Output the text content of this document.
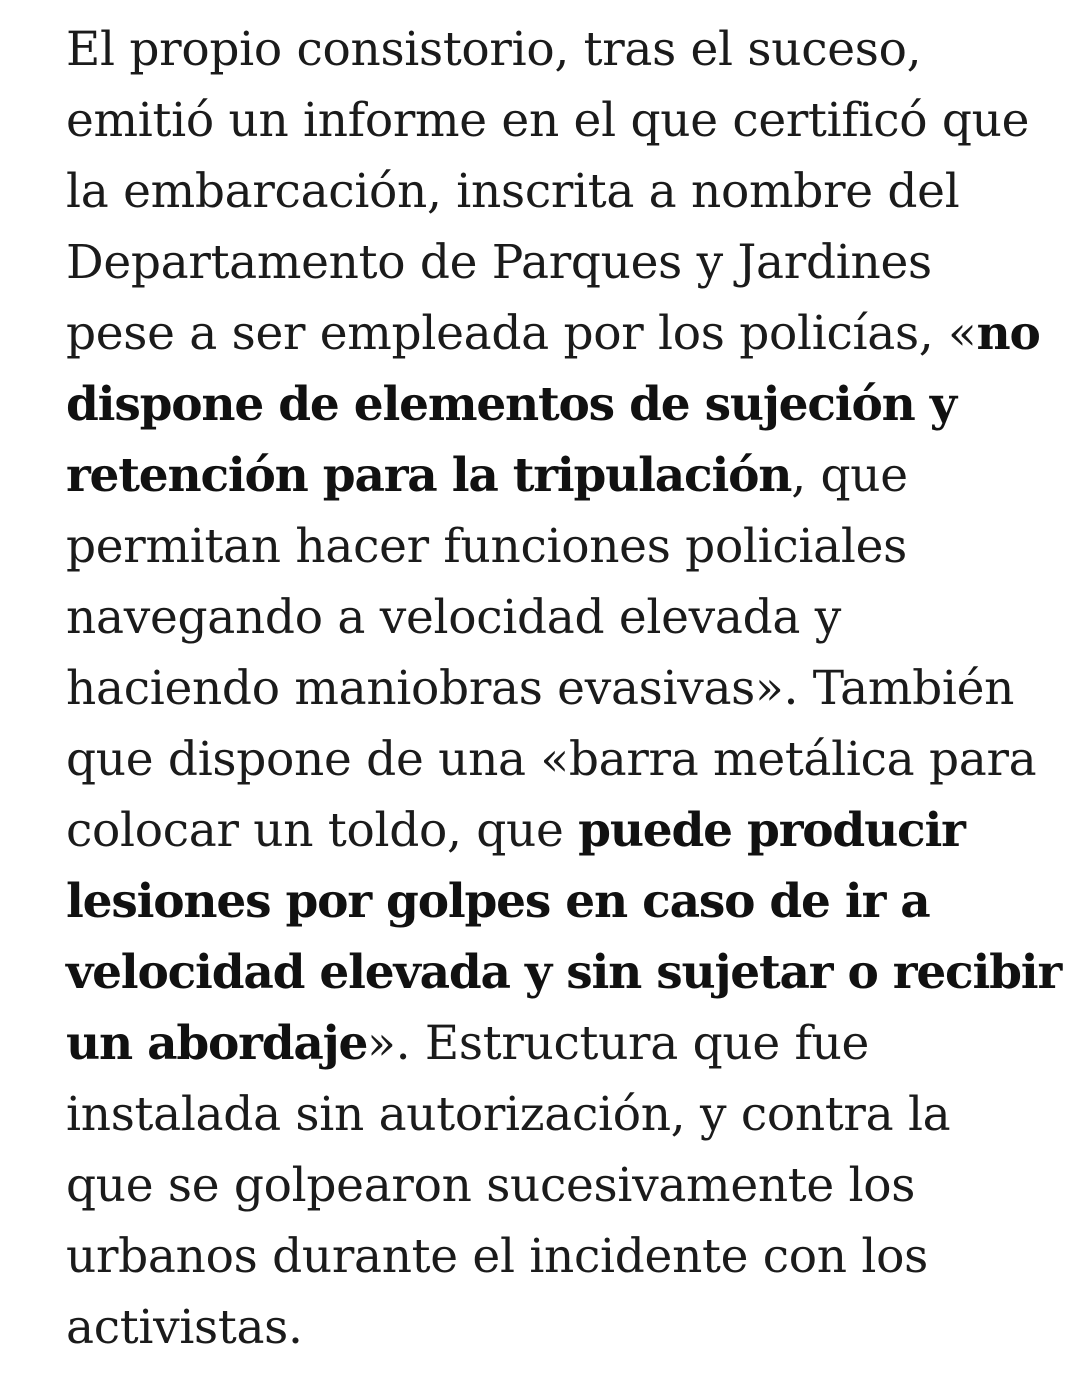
El propio consistorio, tras el suceso,
emitió un informe en el que certificó que
la embarcación, inscrita a nombre del
Departamento de Parques y Jardines
pese a ser empleada por los policías, «no
dispone de elementos de sujeción y
retención para la tripulación, que
permitan hacer funciones policiales
navegando a velocidad elevada y
haciendo maniobras evasivas». También
que dispone de una «barra metálica para
colocar un toldo, que puede producir
lesiones por golpes en caso de ir a
velocidad elevada y sin sujetar o recibir
un abordaje». Estructura que fue
instalada sin autorización, y contra la
que se golpearon sucesivamente los
urbanos durante el incidente con los
activistas.
